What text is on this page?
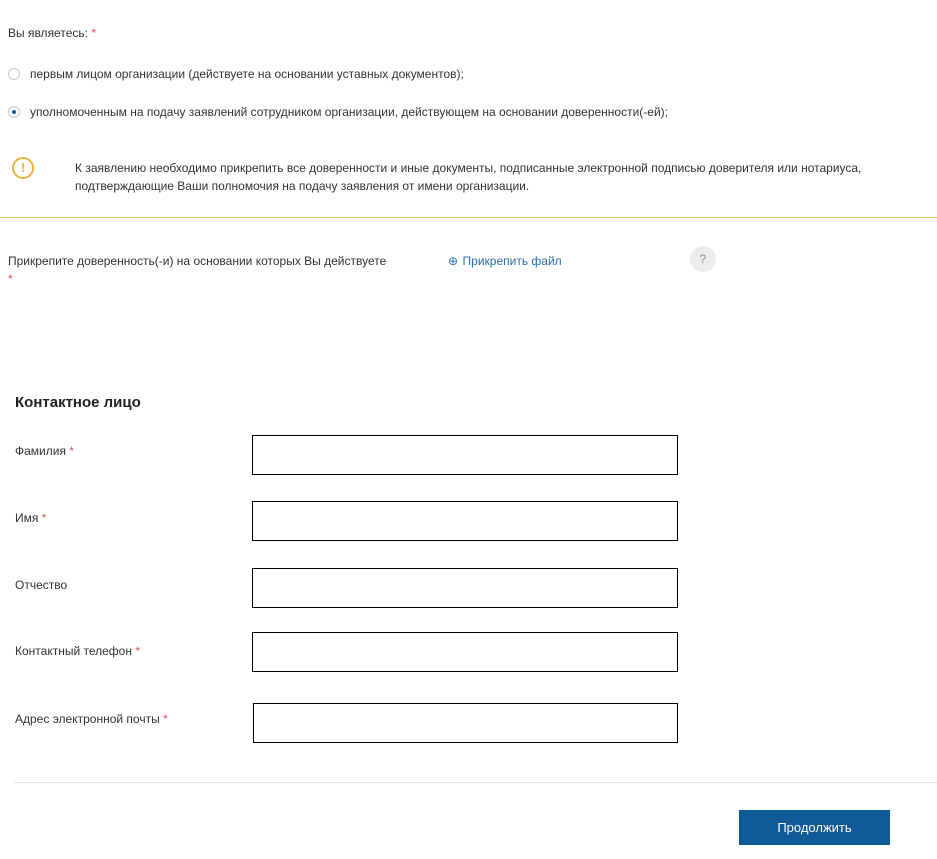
Вы являетесь: *
первым лицом организации (действуете на основании уставных документов);
уполномоченным на подачу заявлений сотрудником организации, действующем на основании доверенности(-ей);
!	К заявлению необходимо прикрепить все доверенности и иные документы, подписанные электронной подписью доверителя или нотариуса, подтверждающие Ваши полномочия на подачу заявления от имени организации.
Прикрепите доверенность(-и) на основании которых Вы действуете *
⊕ Прикрепить файл	?
Контактное лицо
Фамилия *
Имя *
Отчество
Контактный телефон *
Адрес электронной почты *
Продолжить
